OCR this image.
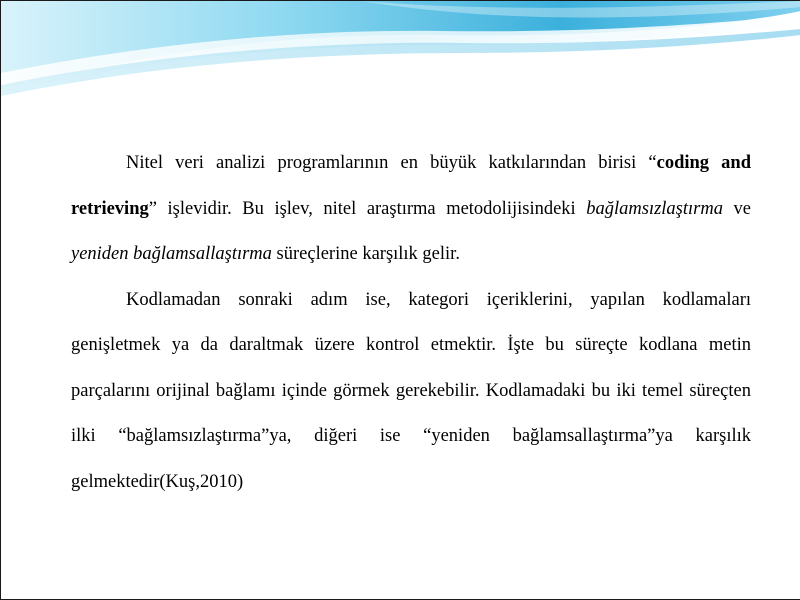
Nitel veri analizi programlarının en büyük katkılarından birisi “coding and retrieving” işlevidir. Bu işlev, nitel araştırma metodolijisindeki bağlamsızlaştırma ve yeniden bağlamsallaştırma süreçlerine karşılık gelir.

Kodlamadan sonraki adım ise, kategori içeriklerini, yapılan kodlamaları genişletmek ya da daraltmak üzere kontrol etmektir. İşte bu süreçte kodlana metin parçalarını orijinal bağlamı içinde görmek gerekebilir. Kodlamadaki bu iki temel süreçten ilki “bağlamsızlaştırma”ya, diğeri ise “yeniden bağlamsallaştırma”ya karşılık gelmektedir(Kuş,2010)
